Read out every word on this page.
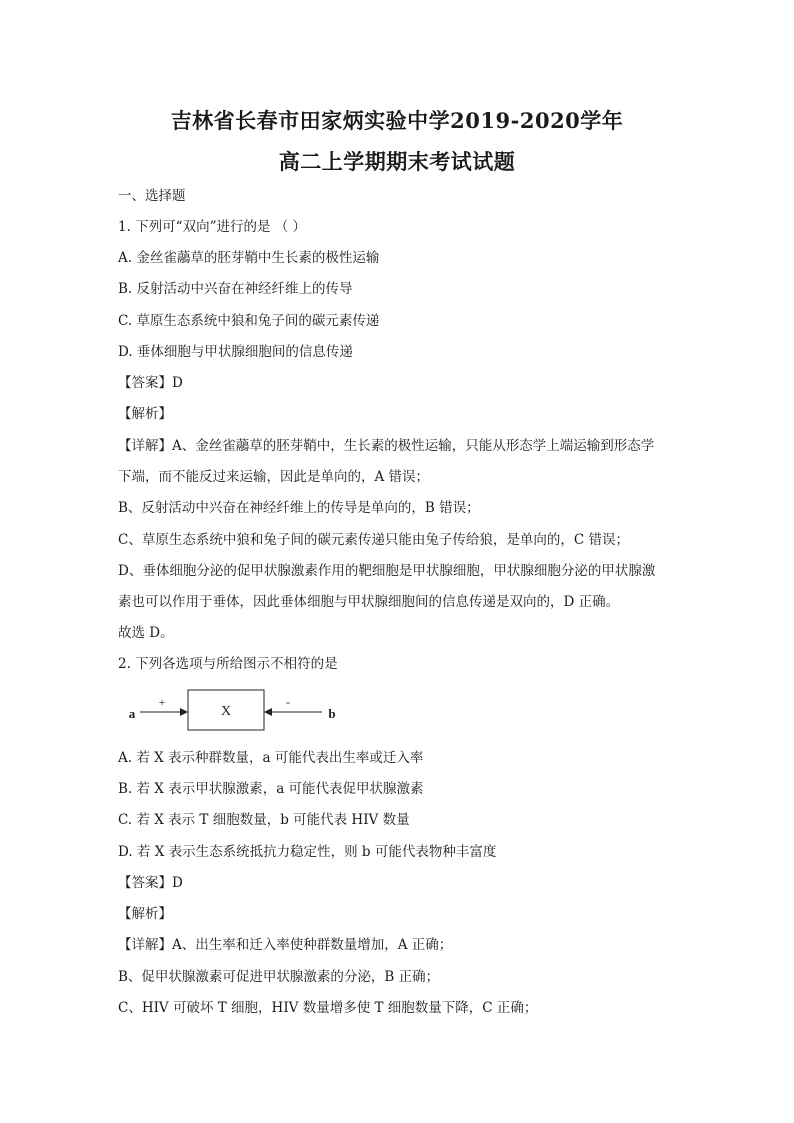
吉林省长春市田家炳实验中学2019-2020学年
高二上学期期末考试试题
一、选择题
1. 下列可“双向”进行的是 （ ）
A. 金丝雀虉草的胚芽鞘中生长素的极性运输
B. 反射活动中兴奋在神经纤维上的传导
C. 草原生态系统中狼和兔子间的碳元素传递
D. 垂体细胞与甲状腺细胞间的信息传递
【答案】D
【解析】
【详解】A、金丝雀虉草的胚芽鞘中，生长素的极性运输，只能从形态学上端运输到形态学
下端，而不能反过来运输，因此是单向的，A 错误；
B、反射活动中兴奋在神经纤维上的传导是单向的，B 错误；
C、草原生态系统中狼和兔子间的碳元素传递只能由兔子传给狼，是单向的，C 错误；
D、垂体细胞分泌的促甲状腺激素作用的靶细胞是甲状腺细胞，甲状腺细胞分泌的甲状腺激
素也可以作用于垂体，因此垂体细胞与甲状腺细胞间的信息传递是双向的，D 正确。
故选 D。
2. 下列各选项与所给图示不相符的是
X
a
+	-
b
A. 若 X 表示种群数量，a 可能代表出生率或迁入率
B. 若 X 表示甲状腺激素，a 可能代表促甲状腺激素
C. 若 X 表示 T 细胞数量，b 可能代表 HIV 数量
D. 若 X 表示生态系统抵抗力稳定性，则 b 可能代表物种丰富度
【答案】D
【解析】
【详解】A、出生率和迁入率使种群数量增加，A 正确；
B、促甲状腺激素可促进甲状腺激素的分泌，B 正确；
C、HIV 可破坏 T 细胞，HIV 数量增多使 T 细胞数量下降，C 正确；
